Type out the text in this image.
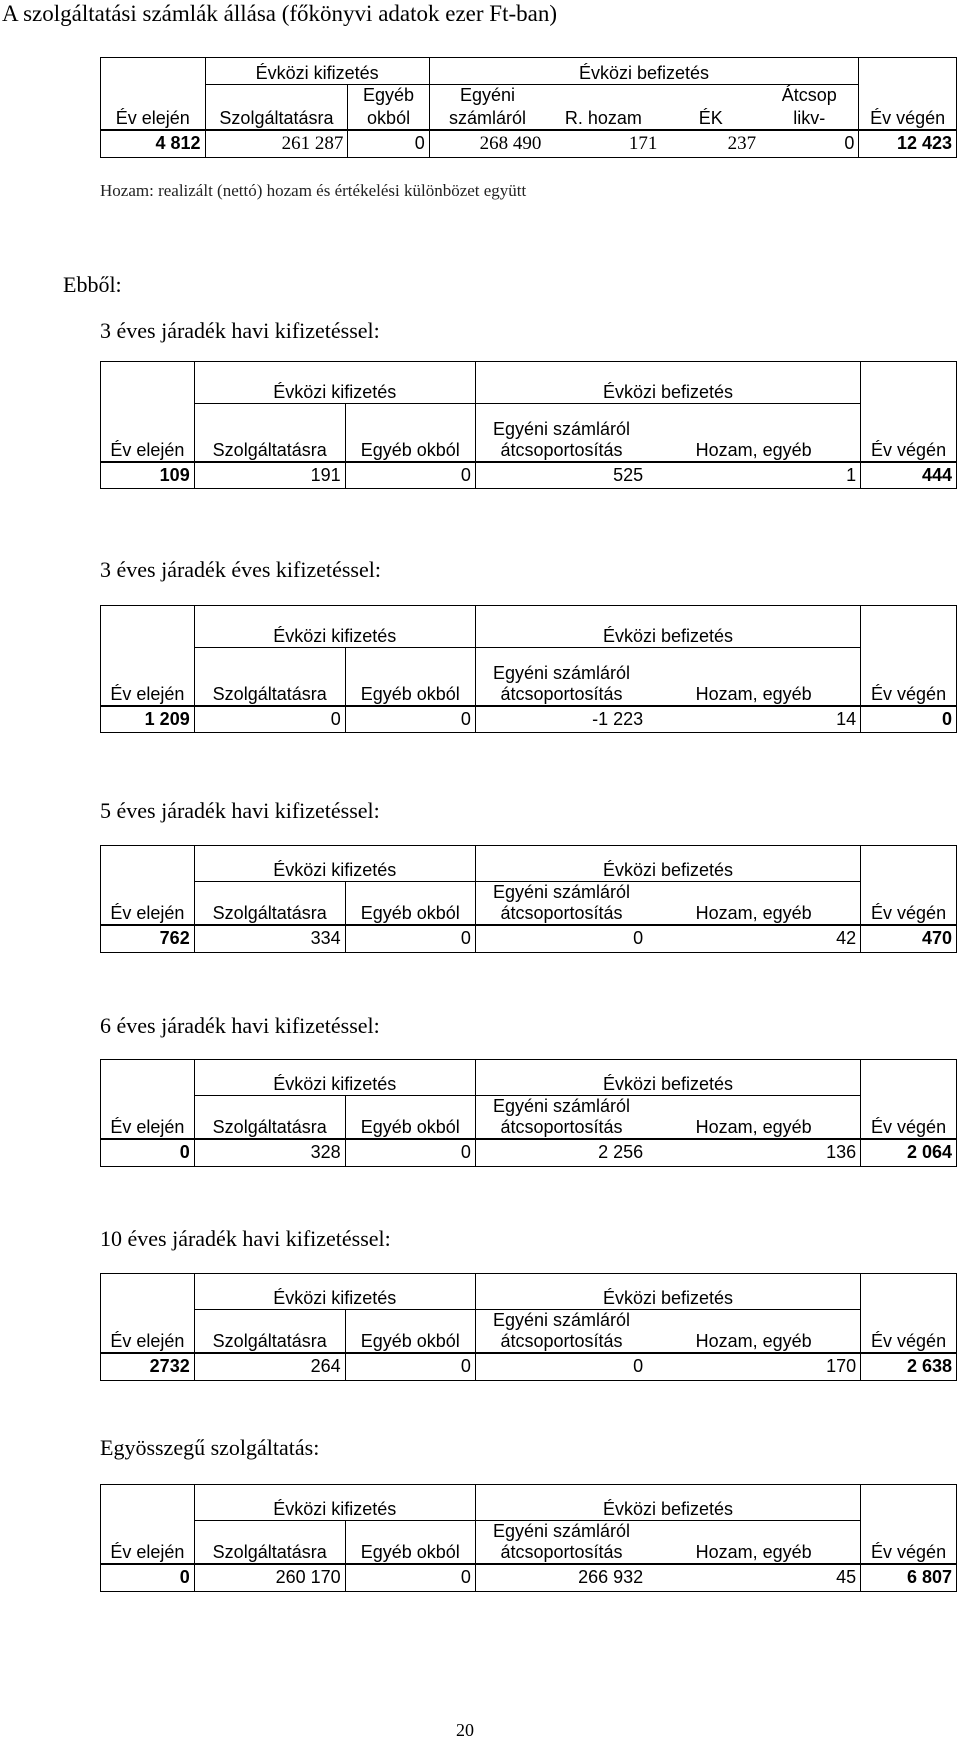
A szolgáltatási számlák állása (főkönyvi adatok ezer Ft-ban)
	Évközi kifizetés		Évközi befizetés				
		Egyéb	Egyéni			Átcsop	
Év elején	Szolgáltatásra	okból	számláról	R. hozam	ÉK	likv-	Év végén
4 812	261 287	0	268 490	171	237	0	12 423
Hozam: realizált (nettó) hozam és értékelési különbözet együtt
Ebből:
3 éves járadék havi kifizetéssel:
	Évközi kifizetés		Évközi befizetés		
Év elején	Szolgáltatásra	Egyéb okból	Egyéni számláról
átcsoportosítás	Hozam, egyéb	Év végén
109	191	0	525	1	444
3 éves járadék éves kifizetéssel:
	Évközi kifizetés		Évközi befizetés		
Év elején	Szolgáltatásra	Egyéb okból	Egyéni számláról
átcsoportosítás	Hozam, egyéb	Év végén
1 209	0	0	-1 223	14	0
5 éves járadék havi kifizetéssel:
	Évközi kifizetés		Évközi befizetés		
Év elején	Szolgáltatásra	Egyéb okból	Egyéni számláról
átcsoportosítás	Hozam, egyéb	Év végén
762	334	0	0	42	470
6 éves járadék havi kifizetéssel:
	Évközi kifizetés		Évközi befizetés		
Év elején	Szolgáltatásra	Egyéb okból	Egyéni számláról
átcsoportosítás	Hozam, egyéb	Év végén
0	328	0	2 256	136	2 064
10 éves járadék havi kifizetéssel:
	Évközi kifizetés		Évközi befizetés		
Év elején	Szolgáltatásra	Egyéb okból	Egyéni számláról
átcsoportosítás	Hozam, egyéb	Év végén
2732	264	0	0	170	2 638
Egyösszegű szolgáltatás:
	Évközi kifizetés		Évközi befizetés		
Év elején	Szolgáltatásra	Egyéb okból	Egyéni számláról
átcsoportosítás	Hozam, egyéb	Év végén
0	260 170	0	266 932	45	6 807
20
